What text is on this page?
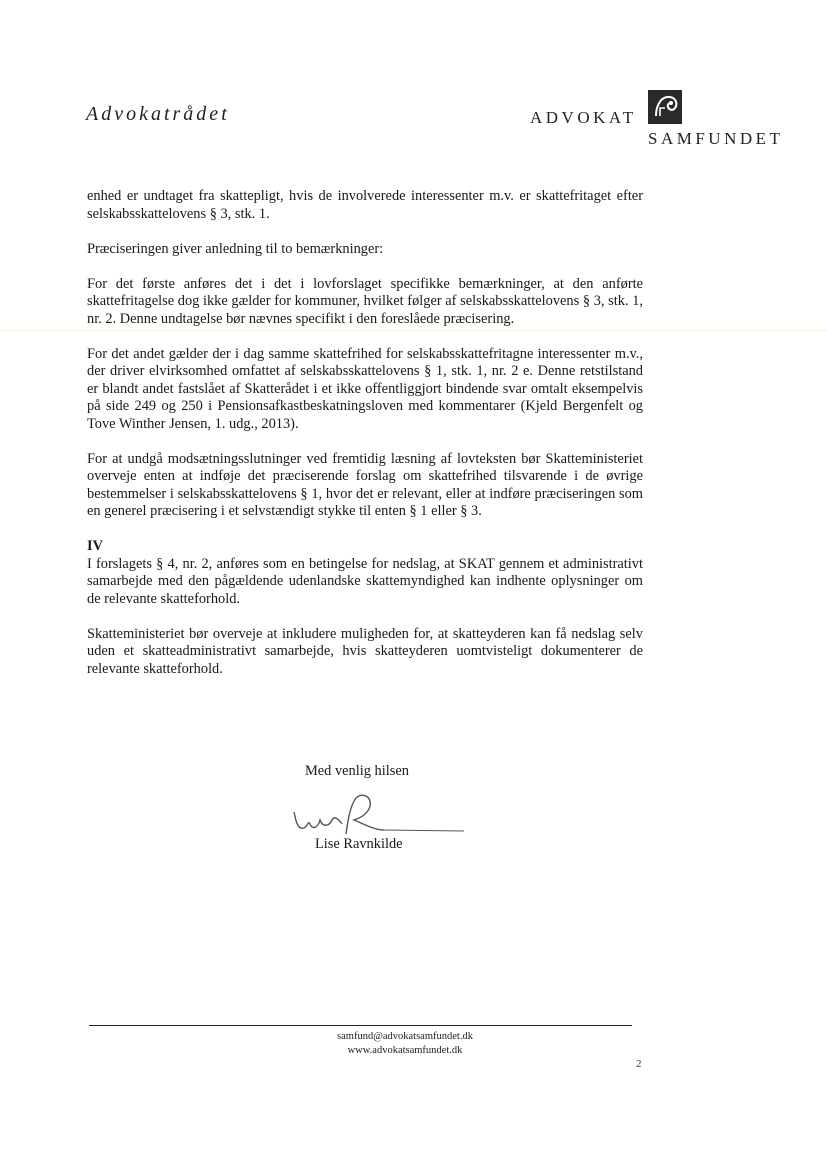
Advokatrådet	ADVOKAT
SAMFUNDET

enhed er undtaget fra skattepligt, hvis de involverede interessenter m.v. er skattefritaget efter selskabsskattelovens § 3, stk. 1.

Præciseringen giver anledning til to bemærkninger:

For det første anføres det i det i lovforslaget specifikke bemærkninger, at den anførte skattefritagelse dog ikke gælder for kommuner, hvilket følger af selskabsskattelovens § 3, stk. 1, nr. 2. Denne undtagelse bør nævnes specifikt i den foreslåede præcisering.

For det andet gælder der i dag samme skattefrihed for selskabsskattefritagne interessenter m.v., der driver elvirksomhed omfattet af selskabsskattelovens § 1, stk. 1, nr. 2 e. Denne retstilstand er blandt andet fastslået af Skatterådet i et ikke offentliggjort bindende svar omtalt eksempelvis på side 249 og 250 i Pensionsafkastbeskatningsloven med kommentarer (Kjeld Bergenfelt og Tove Winther Jensen, 1. udg., 2013).

For at undgå modsætningsslutninger ved fremtidig læsning af lovteksten bør Skatteministeriet overveje enten at indføje det præciserende forslag om skattefrihed tilsvarende i de øvrige bestemmelser i selskabsskattelovens § 1, hvor det er relevant, eller at indføre præciseringen som en generel præcisering i et selvstændigt stykke til enten § 1 eller § 3.

IV

I forslagets § 4, nr. 2, anføres som en betingelse for nedslag, at SKAT gennem et administrativt samarbejde med den pågældende udenlandske skattemyndighed kan indhente oplysninger om de relevante skatteforhold.

Skatteministeriet bør overveje at inkludere muligheden for, at skatteyderen kan få nedslag selv uden et skatteadministrativt samarbejde, hvis skatteyderen uomtvisteligt dokumenterer de relevante skatteforhold.

Med venlig hilsen
Lise Ravnkilde
samfund@advokatsamfundet.dk
www.advokatsamfundet.dk
2
